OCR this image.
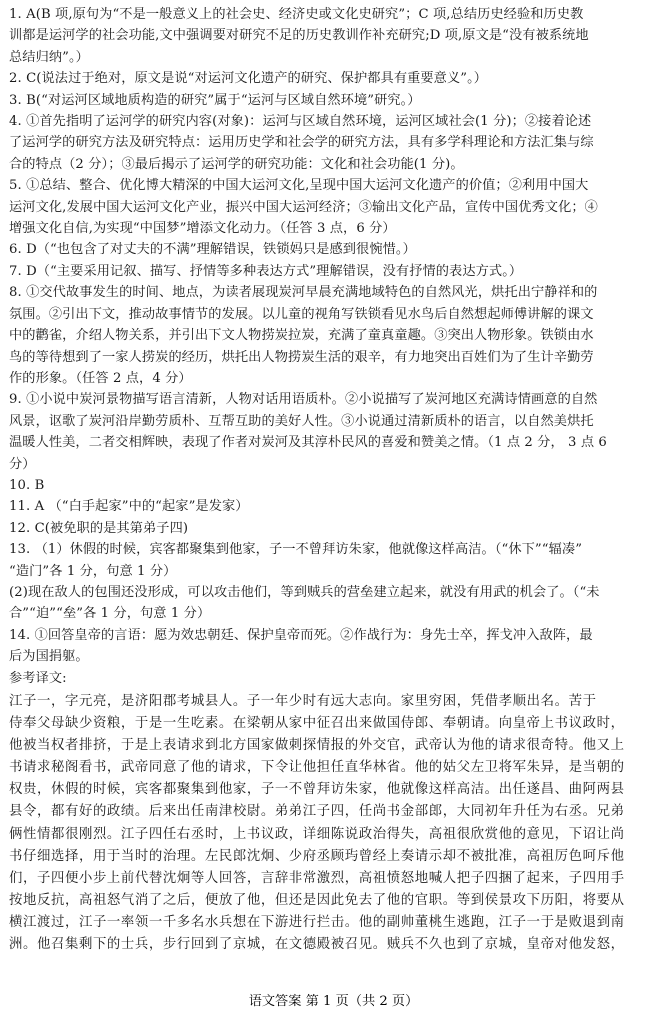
1. A(B 项,原句为“不是一般意义上的社会史、经济史或文化史研究”；C 项,总结历史经验和历史教
训都是运河学的社会功能,文中强调要对研究不足的历史教训作补充研究;D 项,原文是“没有被系统地
总结归纳”。）

2. C(说法过于绝对，原文是说“对运河文化遗产的研究、保护都具有重要意义”。）

3. B(“对运河区域地质构造的研究”属于“运河与区域自然环境”研究。）

4. ①首先指明了运河学的研究内容(对象)：运河与区域自然环境，运河区域社会(1 分)；②接着论述
了运河学的研究方法及研究特点：运用历史学和社会学的研究方法，具有多学科理论和方法汇集与综
合的特点（2 分）；③最后揭示了运河学的研究功能：文化和社会功能(1 分)。

5. ①总结、整合、优化博大精深的中国大运河文化,呈现中国大运河文化遗产的价值；②利用中国大
运河文化,发展中国大运河文化产业，振兴中国大运河经济；③输出文化产品，宣传中国优秀文化；④
增强文化自信,为实现“中国梦”增添文化动力。（任答 3 点，6 分）

6. D（“也包含了对丈夫的不满”理解错误，铁锁妈只是感到很惋惜。）

7. D（“主要采用记叙、描写、抒情等多种表达方式”理解错误，没有抒情的表达方式。）

8. ①交代故事发生的时间、地点，为读者展现炭河早晨充满地域特色的自然风光，烘托出宁静祥和的
氛围。②引出下文，推动故事情节的发展。以儿童的视角写铁锁看见水鸟后自然想起师傅讲解的课文
中的鹳雀，介绍人物关系，并引出下文人物捞炭拉炭，充满了童真童趣。③突出人物形象。铁锁由水
鸟的等待想到了一家人捞炭的经历，烘托出人物捞炭生活的艰辛，有力地突出百姓们为了生计辛勤劳
作的形象。（任答 2 点，4 分）

9. ①小说中炭河景物描写语言清新，人物对话用语质朴。②小说描写了炭河地区充满诗情画意的自然
风景，讴歌了炭河沿岸勤劳质朴、互帮互助的美好人性。③小说通过清新质朴的语言，以自然美烘托
温暖人性美，二者交相辉映，表现了作者对炭河及其淳朴民风的喜爱和赞美之情。（1 点 2 分， 3 点 6
分）

10. B

11. A （“白手起家”中的“起家”是发家）

12. C(被免职的是其第弟子四)

13. （1）休假的时候，宾客都聚集到他家，子一不曾拜访朱家，他就像这样高洁。（“休下”“辐凑”
“造门”各 1 分，句意 1 分）

(2)现在敌人的包围还没形成，可以攻击他们，等到贼兵的营垒建立起来，就没有用武的机会了。（“未
合”“迫”“垒”各 1 分，句意 1 分）

14. ①回答皇帝的言语：愿为效忠朝廷、保护皇帝而死。②作战行为：身先士卒，挥戈冲入敌阵，最
后为国捐躯。

参考译文:

江子一，字元亮，是济阳郡考城县人。子一年少时有远大志向。家里穷困，凭借孝顺出名。苦于
侍奉父母缺少资粮，于是一生吃素。在梁朝从家中征召出来做国侍郎、奉朝请。向皇帝上书议政时，
他被当权者排挤，于是上表请求到北方国家做刺探情报的外交官，武帝认为他的请求很奇特。他又上
书请求秘阁看书，武帝同意了他的请求，下令让他担任直华林省。他的姑父左卫将军朱异，是当朝的
权贵，休假的时候，宾客都聚集到他家，子一不曾拜访朱家，他就像这样高洁。出任遂昌、曲阿两县
县令，都有好的政绩。后来出任南津校尉。弟弟江子四，任尚书金部郎，大同初年升任为右丞。兄弟
俩性情都很刚烈。江子四任右丞时，上书议政，详细陈说政治得失，高祖很欣赏他的意见，下诏让尚
书仔细选择，用于当时的治理。左民郎沈炯、少府丞顾玙曾经上奏请示却不被批准，高祖厉色呵斥他
们，子四便小步上前代替沈炯等人回答，言辞非常激烈，高祖愤怒地喊人把子四捆了起来，子四用手
按地反抗，高祖怒气消了之后，便放了他，但还是因此免去了他的官职。等到侯景攻下历阳，将要从
横江渡过，江子一率领一千多名水兵想在下游进行拦击。他的副帅董桃生逃跑，江子一于是败退到南
洲。他召集剩下的士兵，步行回到了京城，在文德殿被召见。贼兵不久也到了京城，皇帝对他发怒，
语文答案 第 1 页（共 2 页）
